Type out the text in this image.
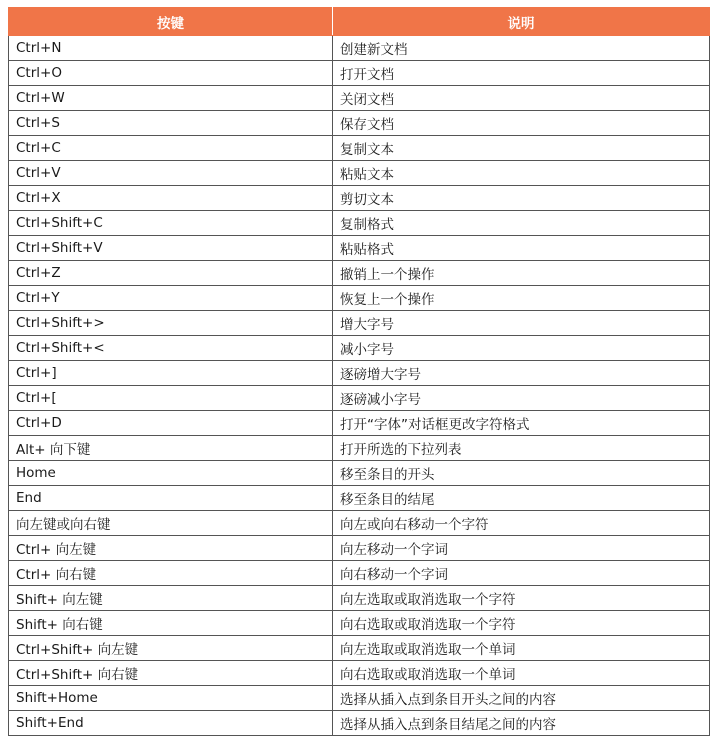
按键	说明
Ctrl+N	创建新文档
Ctrl+O	打开文档
Ctrl+W	关闭文档
Ctrl+S	保存文档
Ctrl+C	复制文本
Ctrl+V	粘贴文本
Ctrl+X	剪切文本
Ctrl+Shift+C	复制格式
Ctrl+Shift+V	粘贴格式
Ctrl+Z	撤销上一个操作
Ctrl+Y	恢复上一个操作
Ctrl+Shift+>	增大字号
Ctrl+Shift+<	减小字号
Ctrl+]	逐磅增大字号
Ctrl+[	逐磅减小字号
Ctrl+D	打开“字体”对话框更改字符格式
Alt+ 向下键	打开所选的下拉列表
Home	移至条目的开头
End	移至条目的结尾
向左键或向右键	向左或向右移动一个字符
Ctrl+ 向左键	向左移动一个字词
Ctrl+ 向右键	向右移动一个字词
Shift+ 向左键	向左选取或取消选取一个字符
Shift+ 向右键	向右选取或取消选取一个字符
Ctrl+Shift+ 向左键	向左选取或取消选取一个单词
Ctrl+Shift+ 向右键	向右选取或取消选取一个单词
Shift+Home	选择从插入点到条目开头之间的内容
Shift+End	选择从插入点到条目结尾之间的内容
